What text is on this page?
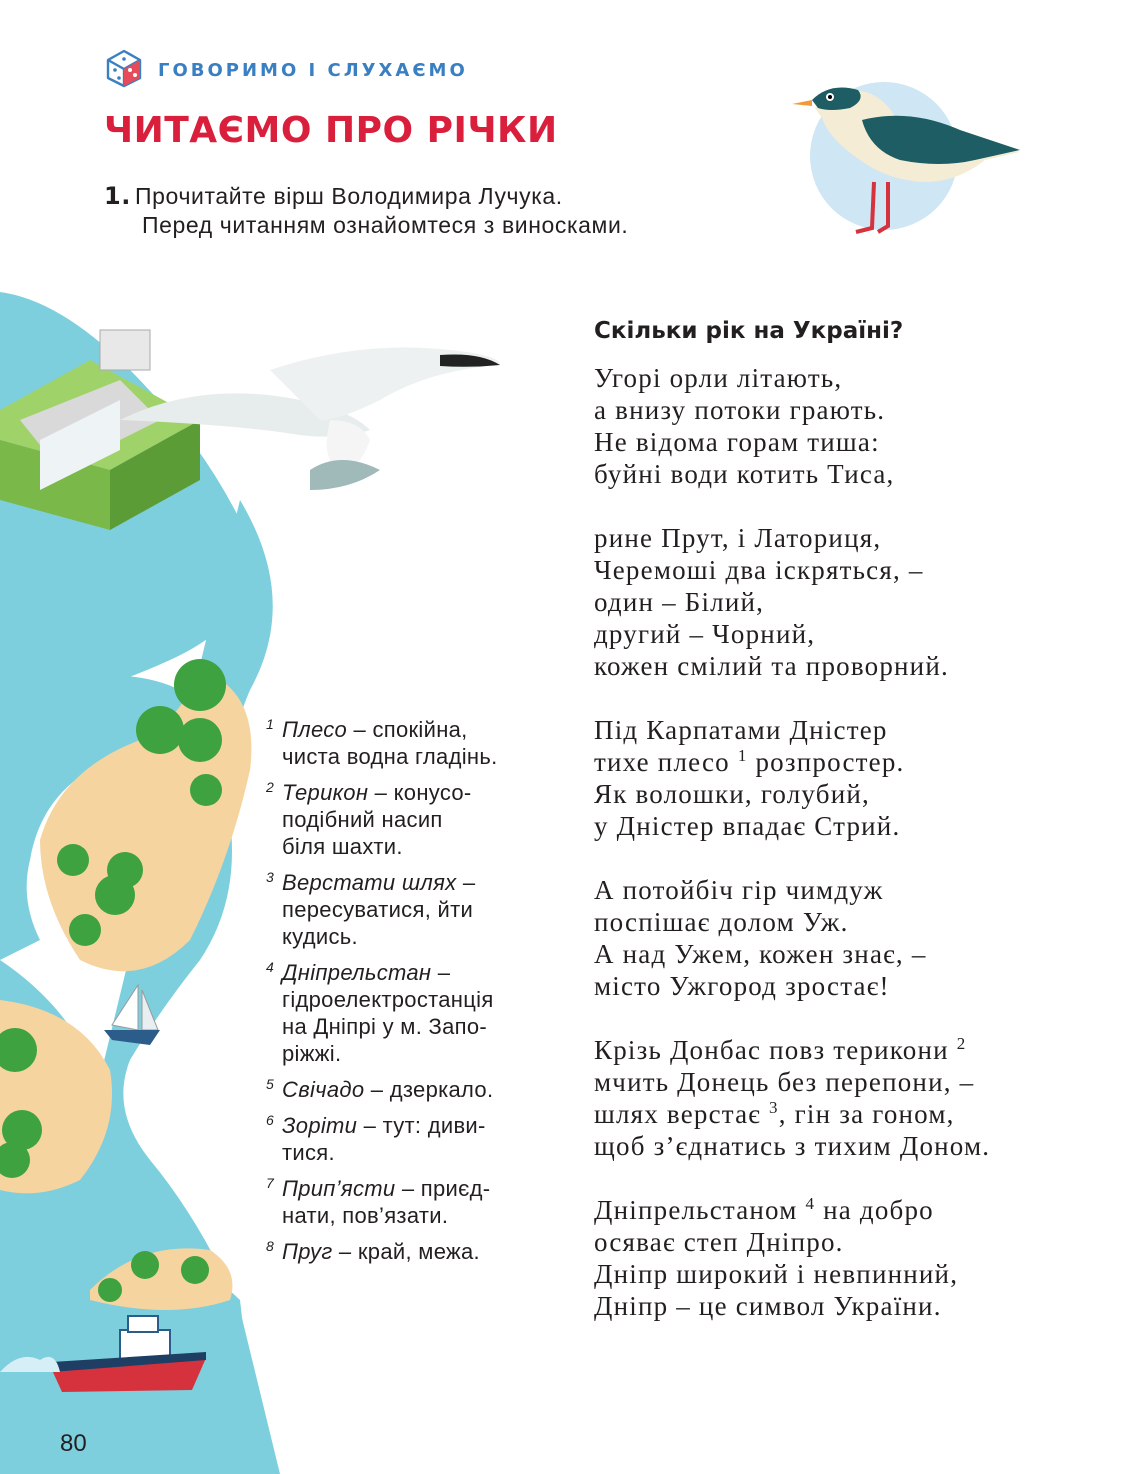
ГОВОРИМО І СЛУХАЄМО
ЧИТАЄМО ПРО РІЧКИ
1. Прочитайте вірш Володимира Лучука.
Перед читанням ознайомтеся з виносками.
Скільки рік на Україні?
Угорі орли літають,
а внизу потоки грають.
Не відома горам тиша:
буйні води котить Тиса,
рине Прут, і Латориця,
Черемоші два іскряться, –
один – Білий,
другий – Чорний,
кожен смілий та проворний.
Під Карпатами Дністер
тихе плесо $^1$ розпростер.
Як волошки, голубий,
у Дністер впадає Стрий.
А потойбіч гір чимдуж
поспішає долом Уж.
А над Ужем, кожен знає, –
місто Ужгород зростає!
Крізь Донбас повз терикони $^2$
мчить Донець без перепони, –
шлях верстає $^3$, гін за гоном,
щоб з’єднатись з тихим Доном.
Дніпрельстаном $^4$ на добро
осяває степ Дніпро.
Дніпр широкий і невпинний,
Дніпр – це символ України.
1 Плесо – спокійна,
чиста водна гладінь.
2 Терикон – конусо-
подібний насип
біля шахти.
3 Верстати шлях –
пересуватися, йти
кудись.
4 Дніпрельстан –
гідроелектростанція
на Дніпрі у м. Запо-
ріжжі.
5 Свічадо – дзеркало.
6 Зоріти – тут: диви-
тися.
7 Прип’ясти – приєд-
нати, пов’язати.
8 Пруг – край, межа.
80
